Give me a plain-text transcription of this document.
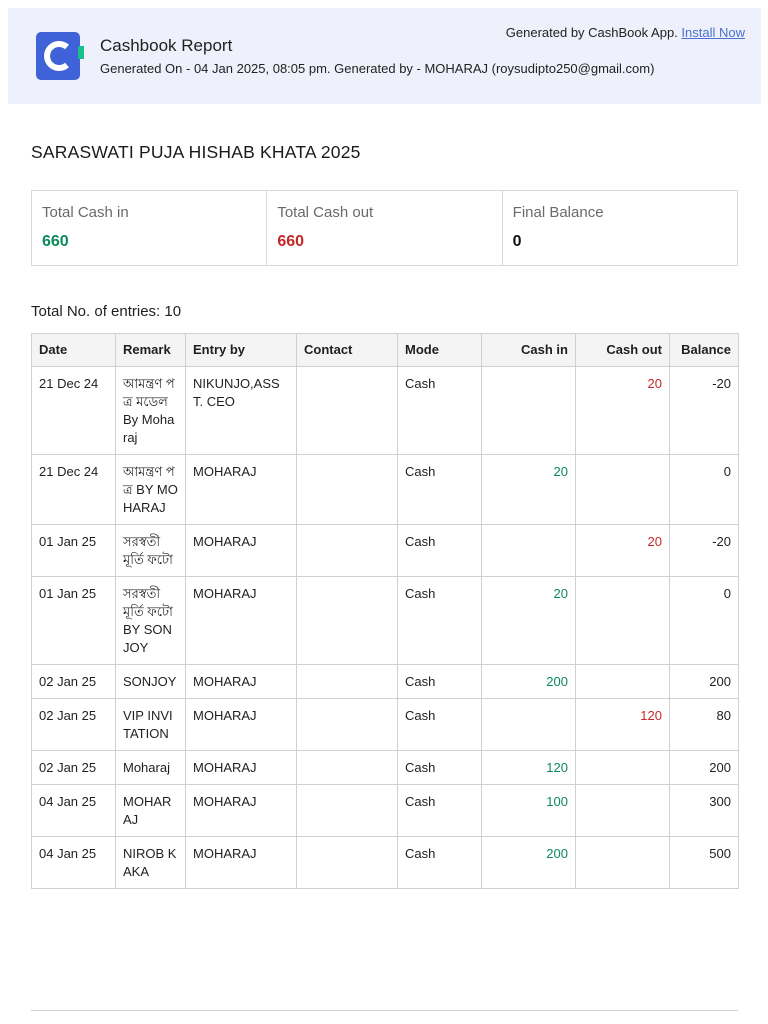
Cashbook Report
Generated On - 04 Jan 2025, 08:05 pm. Generated by - MOHARAJ (roysudipto250@gmail.com)
Generated by CashBook App. Install Now
SARASWATI PUJA HISHAB KHATA 2025
Total Cash in
660
Total Cash out
660
Final Balance
0
Total No. of entries: 10
Date	Remark	Entry by	Contact	Mode	Cash in	Cash out	Balance
21 Dec 24	আমন্ত্রণ পত্র মডেল By Moharaj	NIKUNJO,ASST. CEO		Cash		20	-20
21 Dec 24	আমন্ত্রণ পত্র BY MOHARAJ	MOHARAJ		Cash	20		0
01 Jan 25	সরস্বতী মূর্তি ফটো	MOHARAJ		Cash		20	-20
01 Jan 25	সরস্বতী মূর্তি ফটো BY SONJOY	MOHARAJ		Cash	20		0
02 Jan 25	SONJOY	MOHARAJ		Cash	200		200
02 Jan 25	VIP INVITATION	MOHARAJ		Cash		120	80
02 Jan 25	Moharaj	MOHARAJ		Cash	120		200
04 Jan 25	MOHARAJ	MOHARAJ		Cash	100		300
04 Jan 25	NIROB KAKA	MOHARAJ		Cash	200		500
